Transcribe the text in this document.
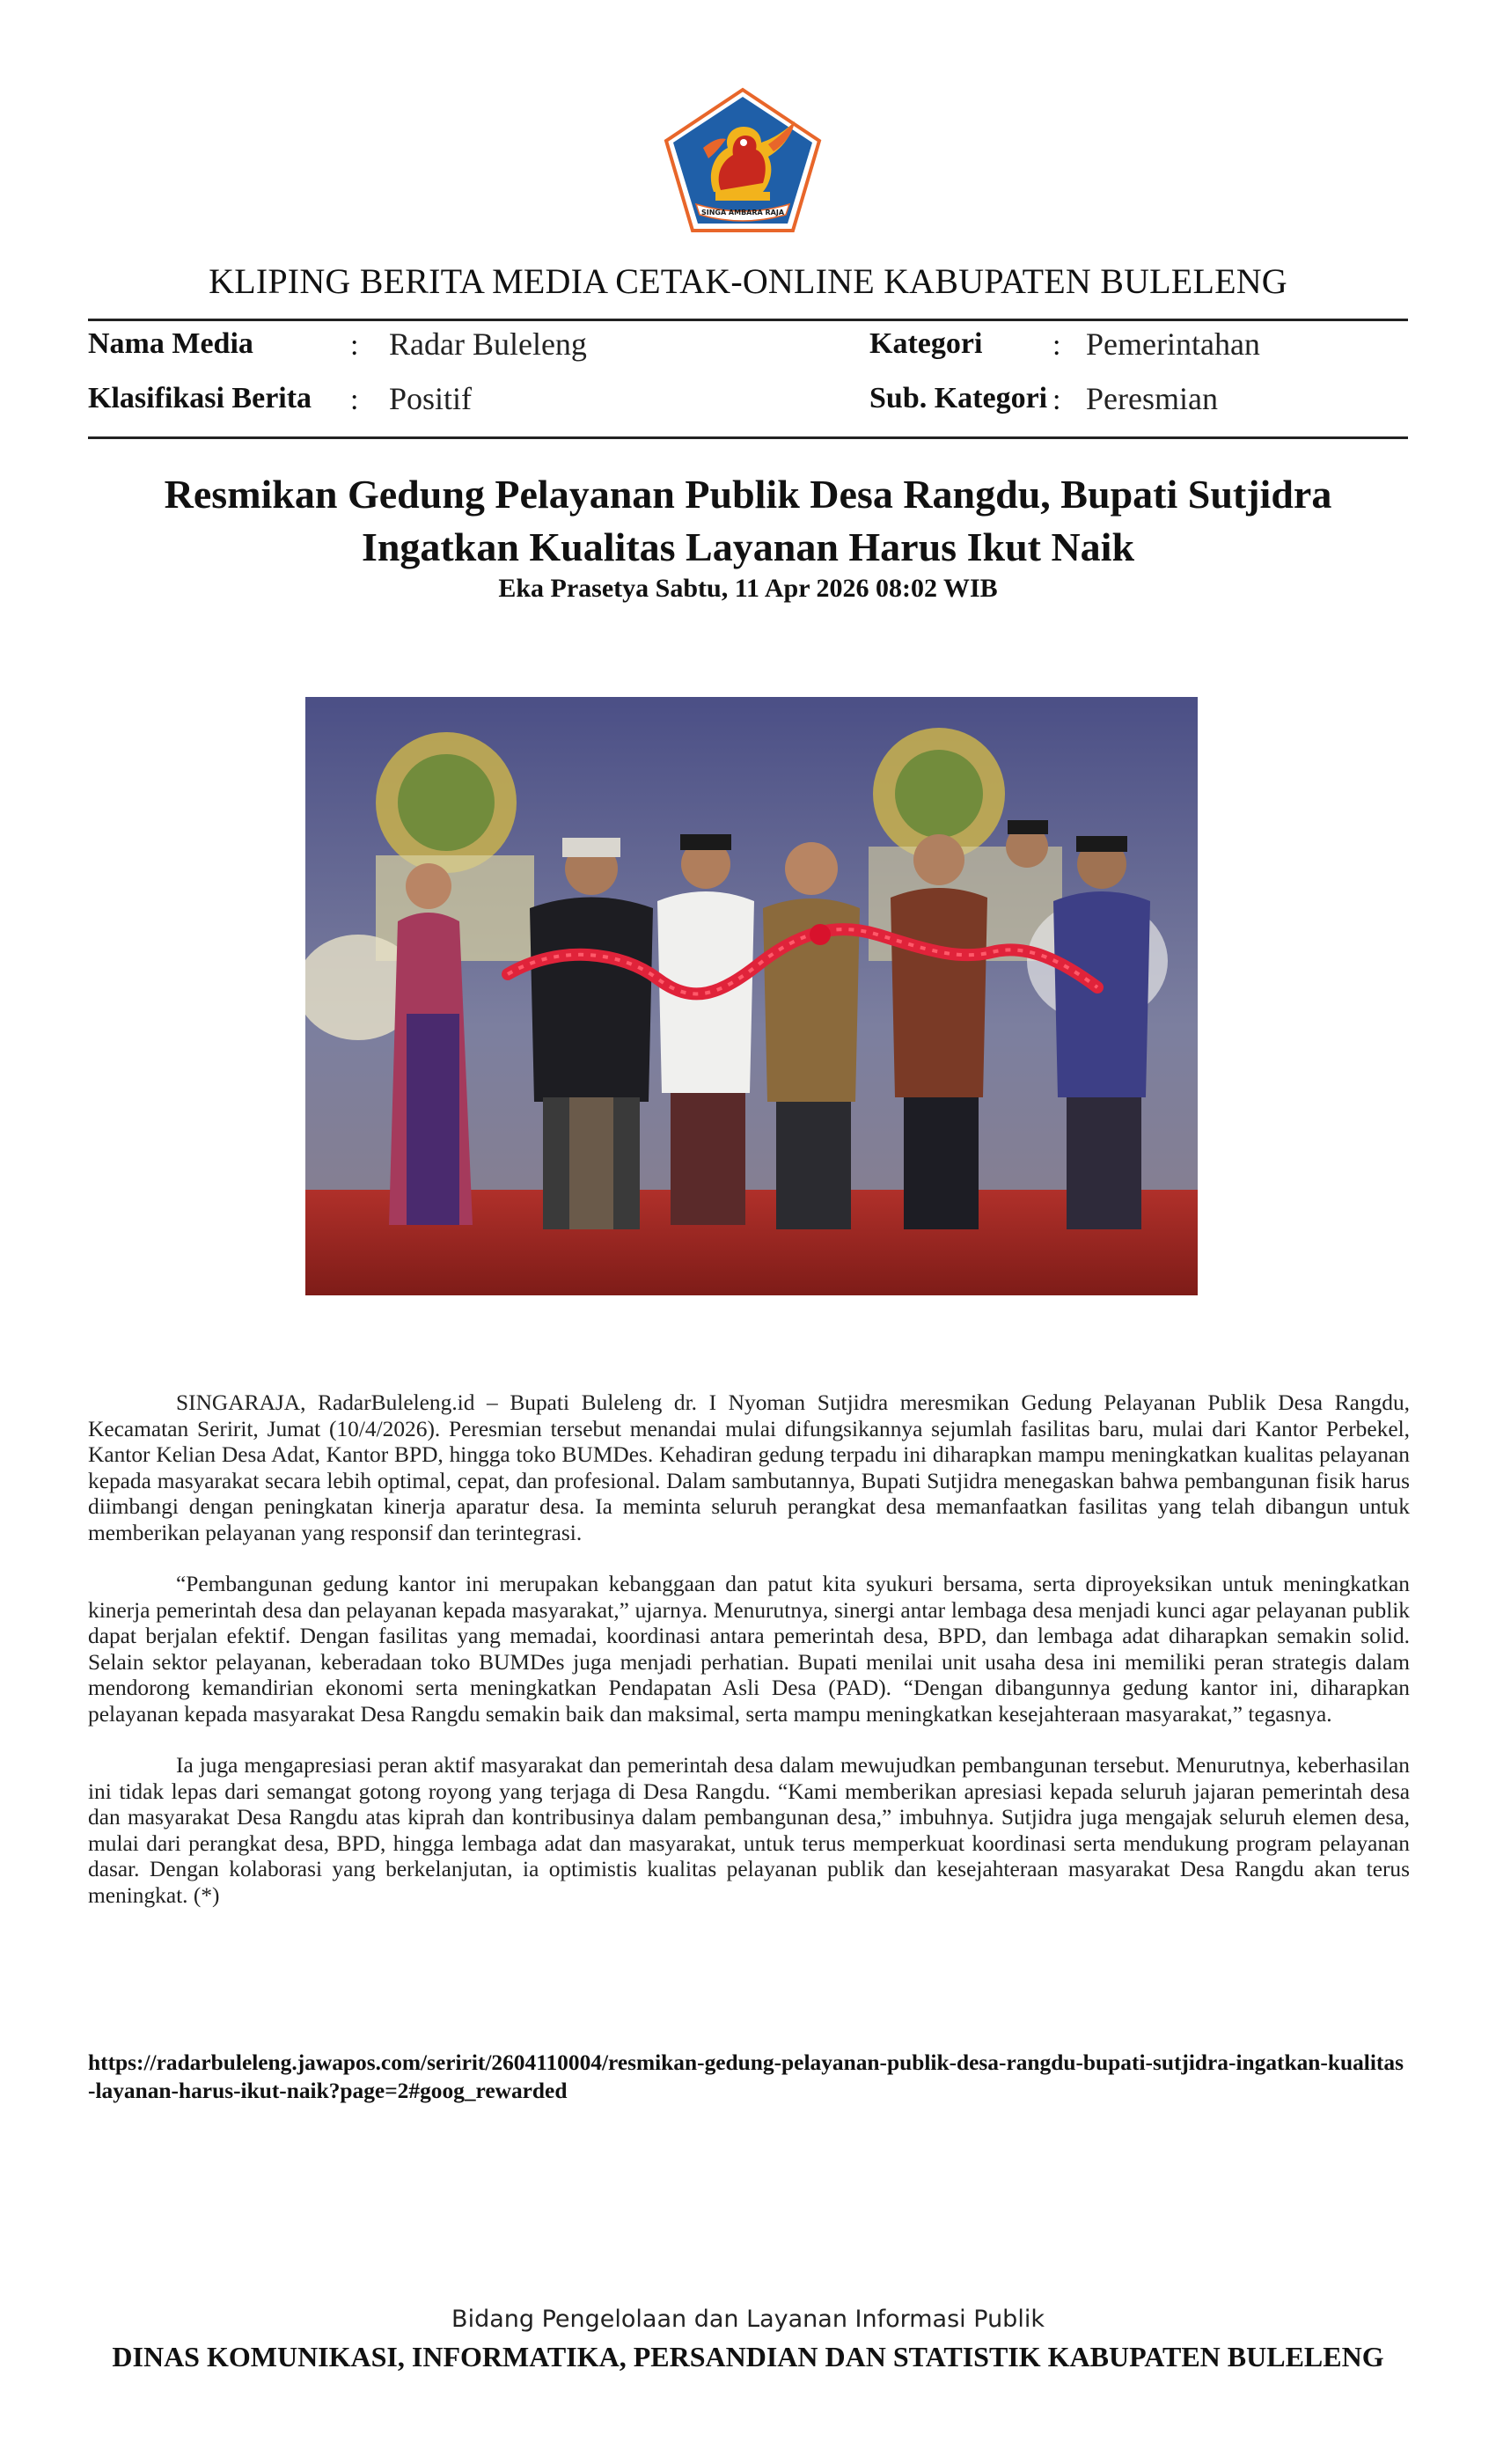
SINGA AMBARA RAJA
KLIPING BERITA MEDIA CETAK-ONLINE KABUPATEN BULELENG
Nama Media	: Radar Buleleng	Kategori : Pemerintahan
Klasifikasi Berita : Positif	Sub. Kategori : Peresmian
Resmikan Gedung Pelayanan Publik Desa Rangdu, Bupati Sutjidra
Ingatkan Kualitas Layanan Harus Ikut Naik
Eka Prasetya Sabtu, 11 Apr 2026 08:02 WIB

SINGARAJA, RadarBuleleng.id – Bupati Buleleng dr. I Nyoman Sutjidra meresmikan Gedung Pelayanan Publik Desa Rangdu, Kecamatan Seririt, Jumat (10/4/2026). Peresmian tersebut menandai mulai difungsikannya sejumlah fasilitas baru, mulai dari Kantor Perbekel, Kantor Kelian Desa Adat, Kantor BPD, hingga toko BUMDes. Kehadiran gedung terpadu ini diharapkan mampu meningkatkan kualitas pelayanan kepada masyarakat secara lebih optimal, cepat, dan profesional. Dalam sambutannya, Bupati Sutjidra menegaskan bahwa pembangunan fisik harus diimbangi dengan peningkatan kinerja aparatur desa. Ia meminta seluruh perangkat desa memanfaatkan fasilitas yang telah dibangun untuk memberikan pelayanan yang responsif dan terintegrasi.

“Pembangunan gedung kantor ini merupakan kebanggaan dan patut kita syukuri bersama, serta diproyeksikan untuk meningkatkan kinerja pemerintah desa dan pelayanan kepada masyarakat,” ujarnya. Menurutnya, sinergi antar lembaga desa menjadi kunci agar pelayanan publik dapat berjalan efektif. Dengan fasilitas yang memadai, koordinasi antara pemerintah desa, BPD, dan lembaga adat diharapkan semakin solid. Selain sektor pelayanan, keberadaan toko BUMDes juga menjadi perhatian. Bupati menilai unit usaha desa ini memiliki peran strategis dalam mendorong kemandirian ekonomi serta meningkatkan Pendapatan Asli Desa (PAD). “Dengan dibangunnya gedung kantor ini, diharapkan pelayanan kepada masyarakat Desa Rangdu semakin baik dan maksimal, serta mampu meningkatkan kesejahteraan masyarakat,” tegasnya.

Ia juga mengapresiasi peran aktif masyarakat dan pemerintah desa dalam mewujudkan pembangunan tersebut. Menurutnya, keberhasilan ini tidak lepas dari semangat gotong royong yang terjaga di Desa Rangdu. “Kami memberikan apresiasi kepada seluruh jajaran pemerintah desa dan masyarakat Desa Rangdu atas kiprah dan kontribusinya dalam pembangunan desa,” imbuhnya. Sutjidra juga mengajak seluruh elemen desa, mulai dari perangkat desa, BPD, hingga lembaga adat dan masyarakat, untuk terus memperkuat koordinasi serta mendukung program pelayanan dasar. Dengan kolaborasi yang berkelanjutan, ia optimistis kualitas pelayanan publik dan kesejahteraan masyarakat Desa Rangdu akan terus meningkat. (*)

https://radarbuleleng.jawapos.com/seririt/2604110004/resmikan-gedung-pelayanan-publik-desa-rangdu-bupati-sutjidra-ingatkan-kualitas-layanan-harus-ikut-naik?page=2#goog_rewarded
Bidang Pengelolaan dan Layanan Informasi Publik
DINAS KOMUNIKASI, INFORMATIKA, PERSANDIAN DAN STATISTIK KABUPATEN BULELENG
